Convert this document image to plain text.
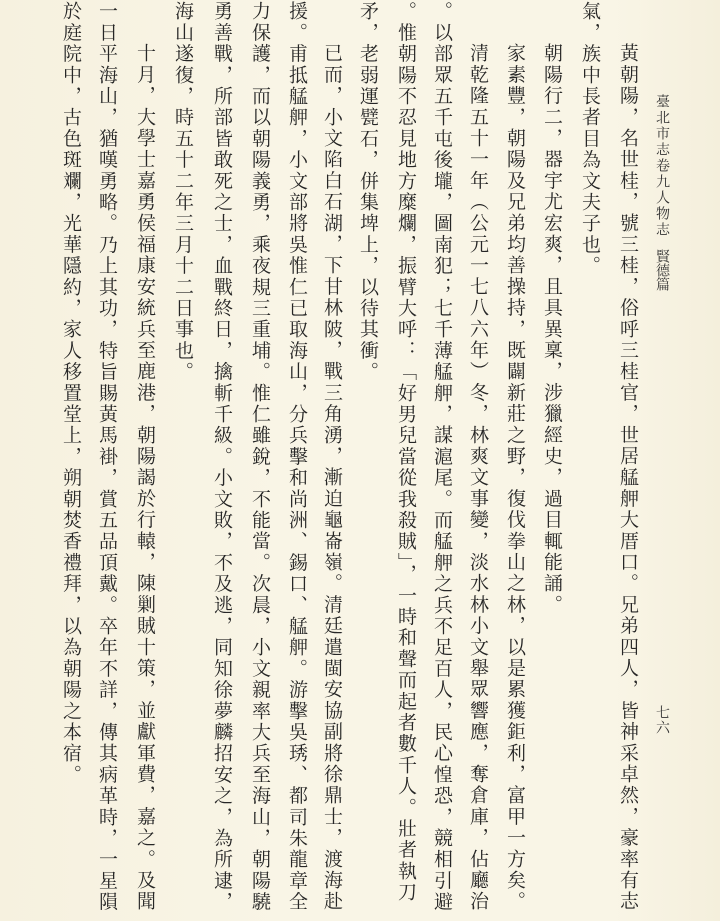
臺北市志卷九人物志賢德篇
七六
黃朝陽，名世桂，號三桂，俗呼三桂官，世居艋舺大厝口。兄弟四人，皆神采卓然，豪率有志
氣，族中長者目為文夫子也。
朝陽行二，器宇尤宏爽，且具異稟，涉獵經史，過目輒能誦。
家素豐，朝陽及兄弟均善操持，既闢新莊之野，復伐拳山之林，以是累獲鉅利，富甲一方矣。
清乾隆五十一年（公元一七八六年）冬，林爽文事變，淡水林小文舉眾響應，奪倉庫，佔廳治
。以部眾五千屯後壠，圖南犯；七千薄艋舺，謀滬尾。而艋舺之兵不足百人，民心惶恐，競相引避
。惟朝陽不忍見地方糜爛，振臂大呼：「好男兒當從我殺賊」，一時和聲而起者數千人。壯者執刀
矛，老弱運甓石，併集埤上，以待其衝。
已而，小文陷白石湖，下甘林陂，戰三角湧，漸迫龜崙嶺。清廷遣閩安協副將徐鼎士，渡海赴
援。甫抵艋舺，小文部將吳惟仁已取海山，分兵擊和尚洲、錫口、艋舺。游擊吳琇、都司朱龍章全
力保護，而以朝陽義勇，乘夜規三重埔。惟仁雖銳，不能當。次晨，小文親率大兵至海山，朝陽驍
勇善戰，所部皆敢死之士，血戰終日，擒斬千級。小文敗，不及逃，同知徐夢麟招安之，為所逮，
海山遂復，時五十二年三月十二日事也。
十月，大學士嘉勇侯福康安統兵至鹿港，朝陽謁於行轅，陳剿賊十策，並獻軍費，嘉之。及聞
一日平海山，猶嘆勇略。乃上其功，特旨賜黃馬褂，賞五品頂戴。卒年不詳，傳其病革時，一星隕
於庭院中，古色斑斕，光華隱約，家人移置堂上，朔朝焚香禮拜，以為朝陽之本宿。
